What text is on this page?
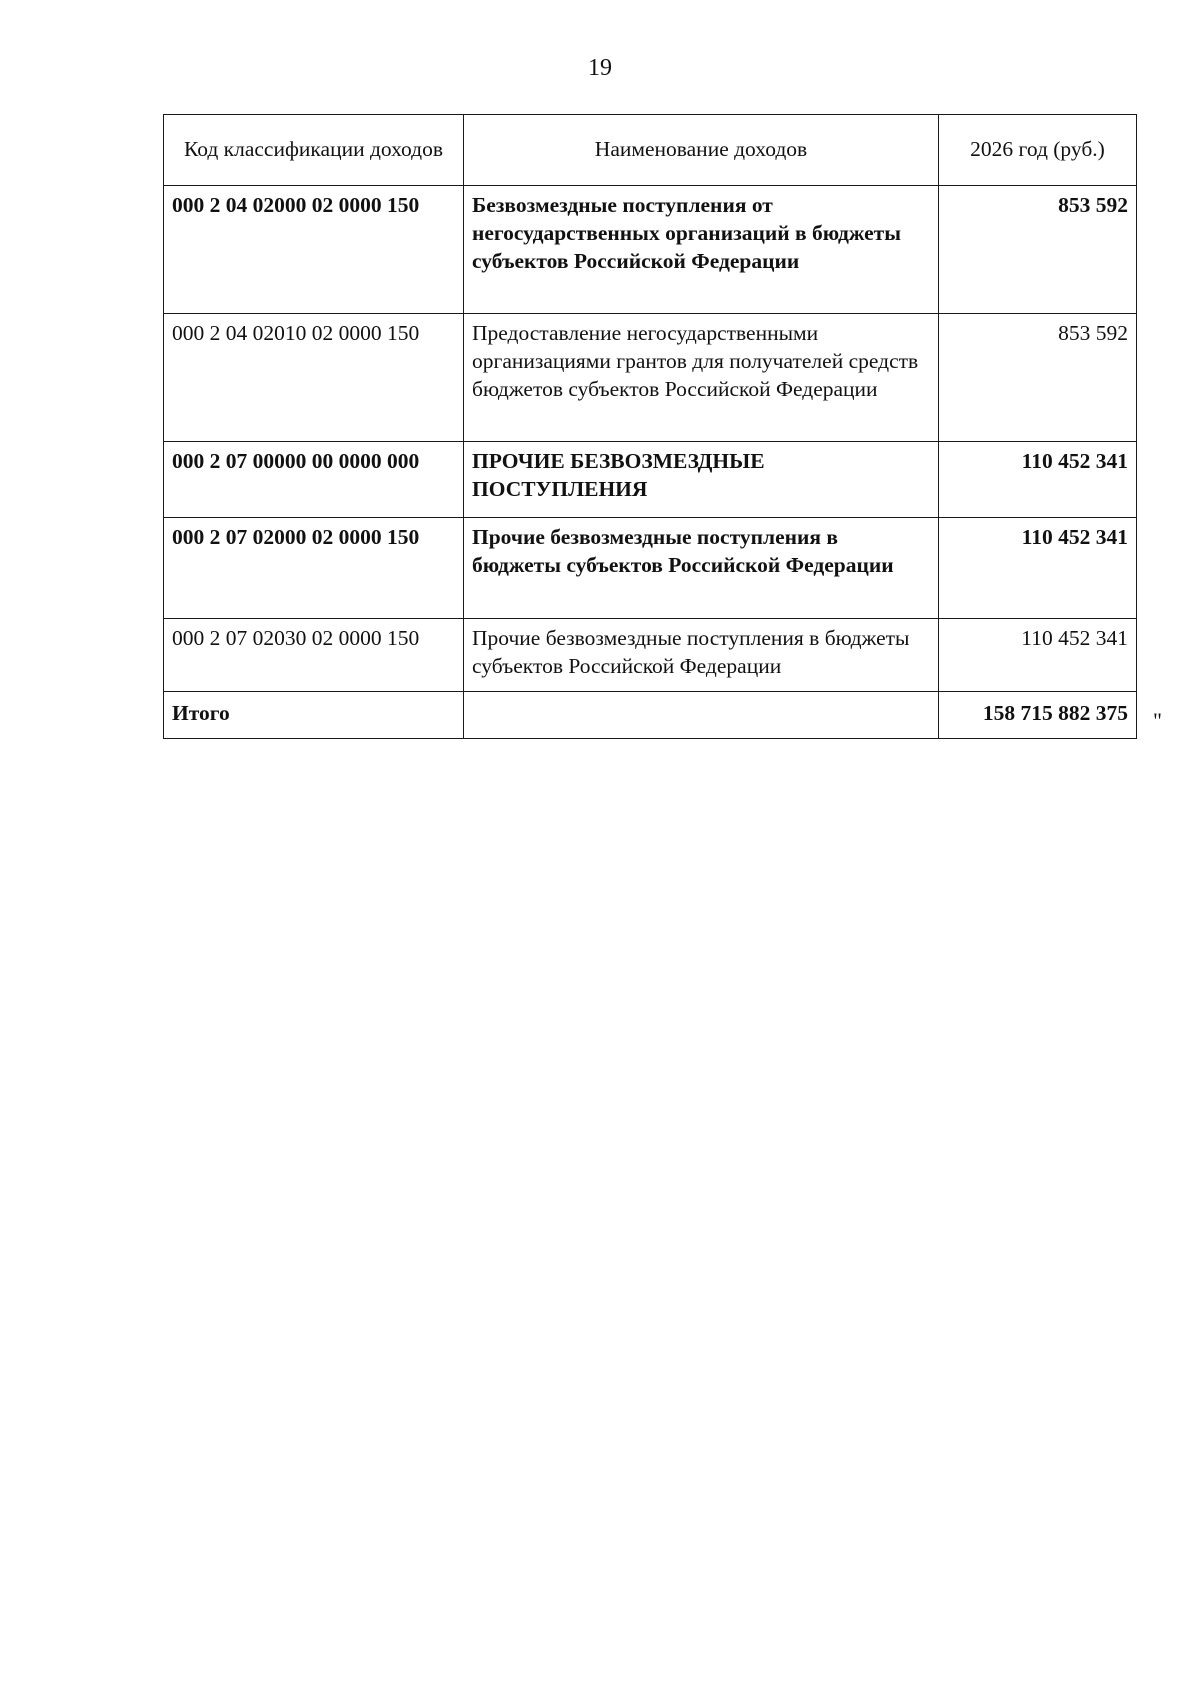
19
Код классификации доходов	Наименование доходов	2026 год (руб.)
000 2 04 02000 02 0000 150	Безвозмездные поступления от негосударственных организаций в бюджеты субъектов Российской Федерации	853 592
000 2 04 02010 02 0000 150	Предоставление негосударственными организациями грантов для получателей средств бюджетов субъектов Российской Федерации	853 592
000 2 07 00000 00 0000 000	ПРОЧИЕ БЕЗВОЗМЕЗДНЫЕ ПОСТУПЛЕНИЯ	110 452 341
000 2 07 02000 02 0000 150	Прочие безвозмездные поступления в бюджеты субъектов Российской Федерации	110 452 341
000 2 07 02030 02 0000 150	Прочие безвозмездные поступления в бюджеты субъектов Российской Федерации	110 452 341
Итого		158 715 882 375 "
